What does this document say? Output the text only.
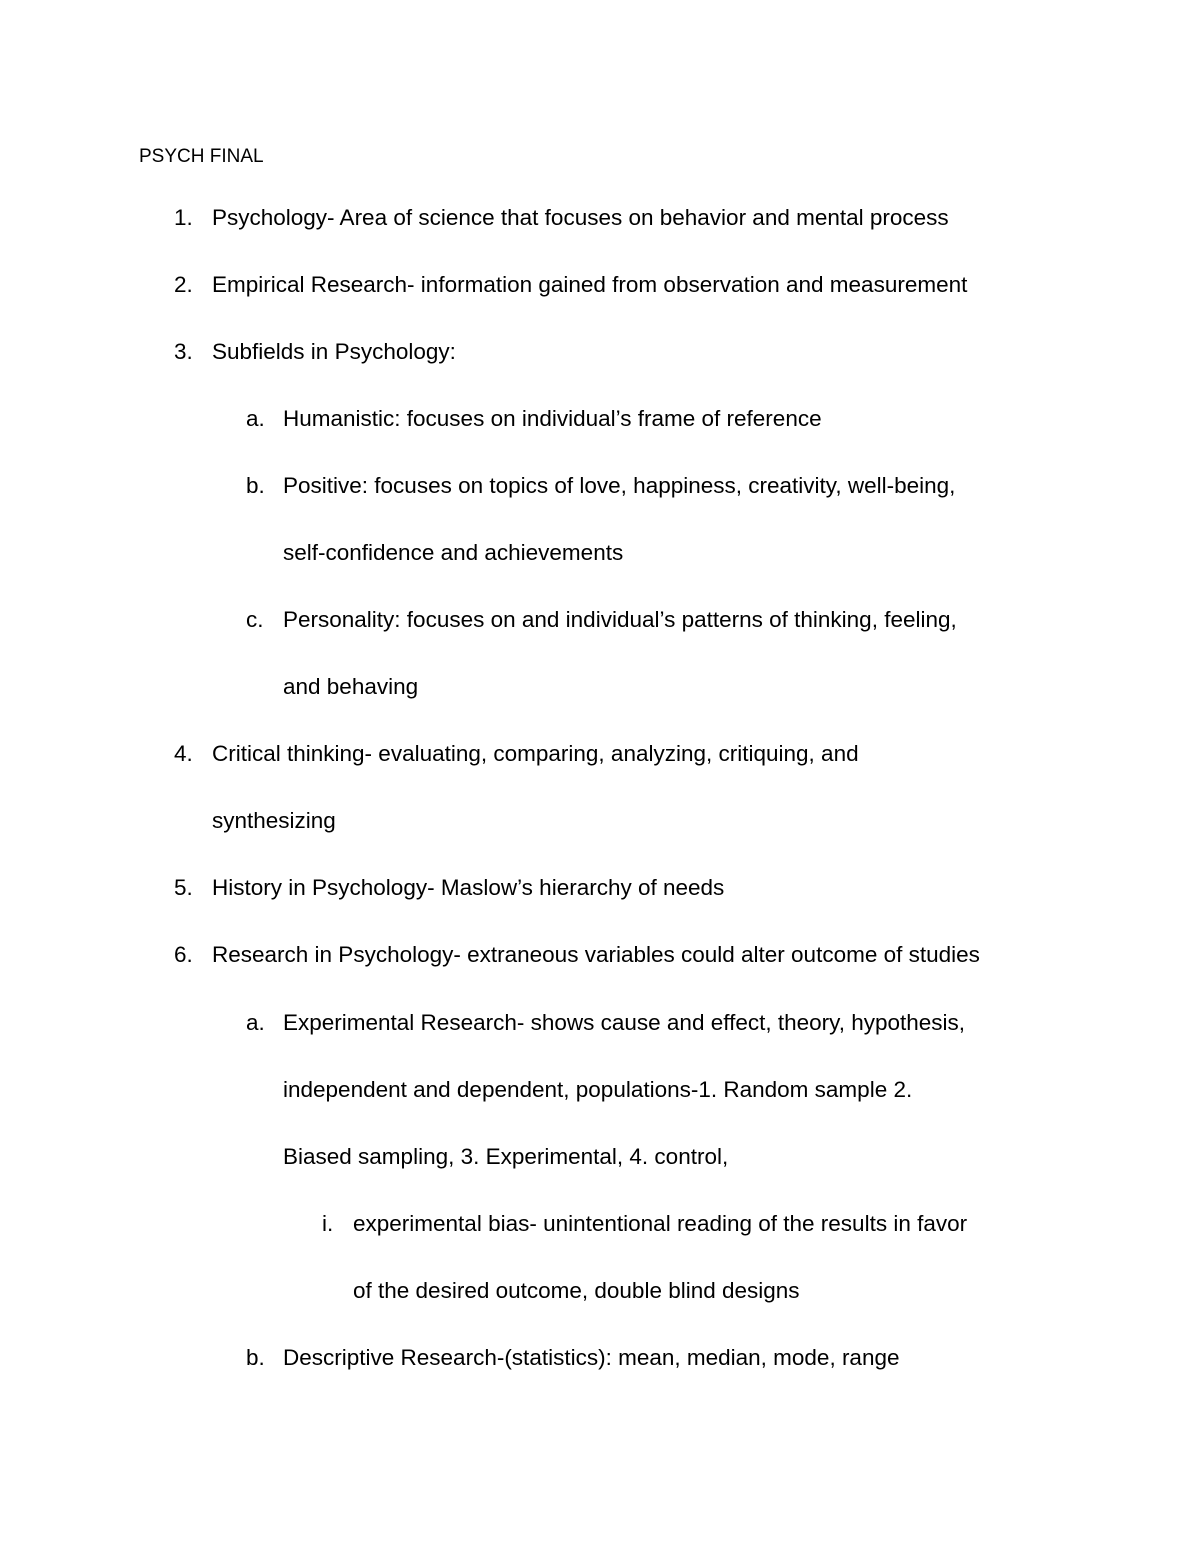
PSYCH FINAL
1. Psychology- Area of science that focuses on behavior and mental process
2. Empirical Research- information gained from observation and measurement
3. Subfields in Psychology:
a. Humanistic: focuses on individual’s frame of reference
b. Positive: focuses on topics of love, happiness, creativity, well-being,
self-confidence and achievements
c. Personality: focuses on and individual’s patterns of thinking, feeling,
and behaving
4. Critical thinking- evaluating, comparing, analyzing, critiquing, and
synthesizing
5. History in Psychology- Maslow’s hierarchy of needs
6. Research in Psychology- extraneous variables could alter outcome of studies
a. Experimental Research- shows cause and effect, theory, hypothesis,
independent and dependent, populations-1. Random sample 2.
Biased sampling, 3. Experimental, 4. control,
i. experimental bias- unintentional reading of the results in favor
of the desired outcome, double blind designs
b. Descriptive Research-(statistics): mean, median, mode, range
